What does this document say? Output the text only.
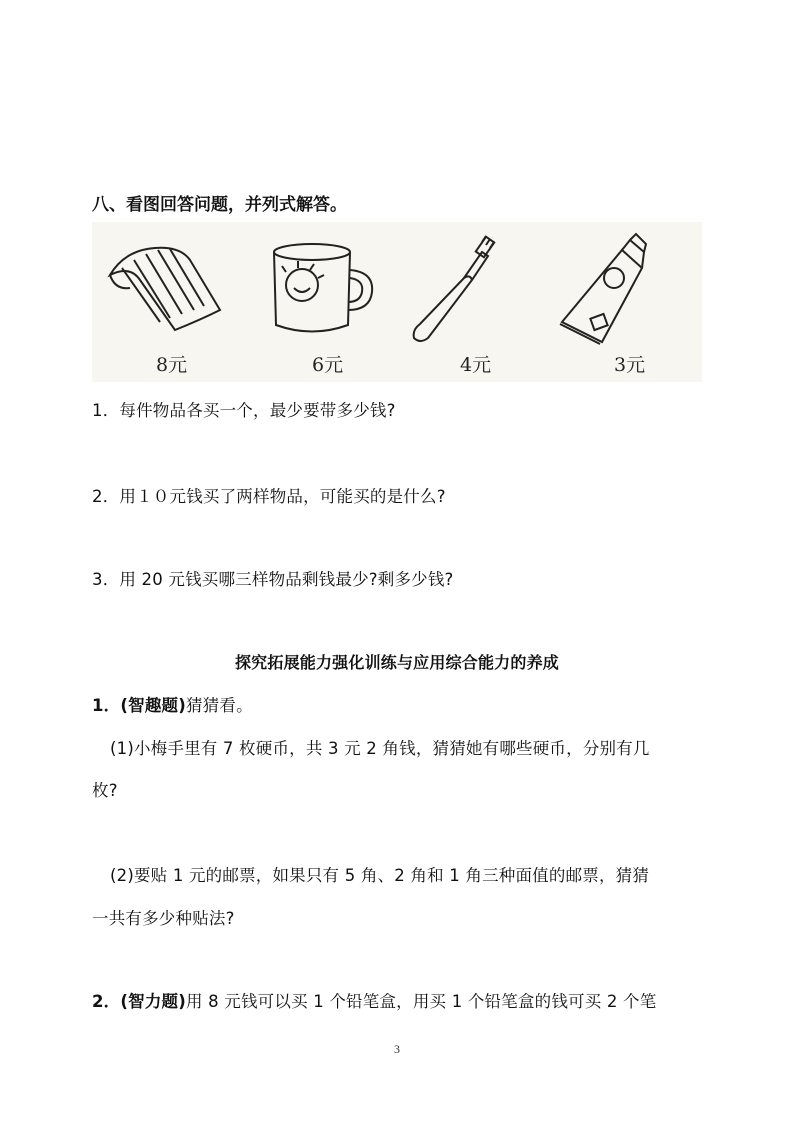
八、看图回答问题，并列式解答。
8元	6元	4元	3元
1．每件物品各买一个，最少要带多少钱?
2．用１０元钱买了两样物品，可能买的是什么?
3．用 20 元钱买哪三样物品剩钱最少?剩多少钱?
探究拓展能力强化训练与应用综合能力的养成
1．(智趣题)猜猜看。
(1)小梅手里有 7 枚硬币，共 3 元 2 角钱，猜猜她有哪些硬币，分别有几
枚?
(2)要贴 1 元的邮票，如果只有 5 角、2 角和 1 角三种面值的邮票，猜猜
一共有多少种贴法?
2．(智力题)用 8 元钱可以买 1 个铅笔盒，用买 1 个铅笔盒的钱可买 2 个笔
3
